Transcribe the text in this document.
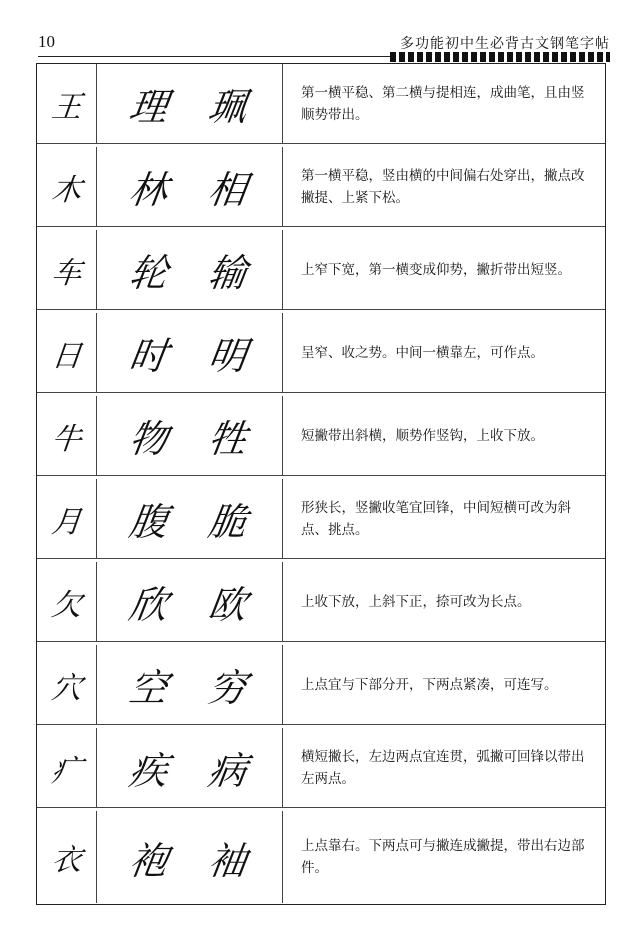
10	多功能初中生必背古文钢笔字帖
王 理 珮	第一横平稳、第二横与提相连，成曲笔，且由竖顺势带出。
木 林 相	第一横平稳，竖由横的中间偏右处穿出，撇点改撇提、上紧下松。
车 轮 输	上窄下宽，第一横变成仰势，撇折带出短竖。
日 时 明	呈窄、收之势。中间一横靠左，可作点。
牛 物 牲	短撇带出斜横，顺势作竖钩，上收下放。
月 腹 脆	形狭长，竖撇收笔宜回锋，中间短横可改为斜点、挑点。
欠 欣 欧	上收下放，上斜下正，捺可改为长点。
穴 空 穷	上点宜与下部分开，下两点紧凑，可连写。
疒 疾 病	横短撇长，左边两点宜连贯，弧撇可回锋以带出左两点。
衣 袍 袖	上点靠右。下两点可与撇连成撇提，带出右边部件。
